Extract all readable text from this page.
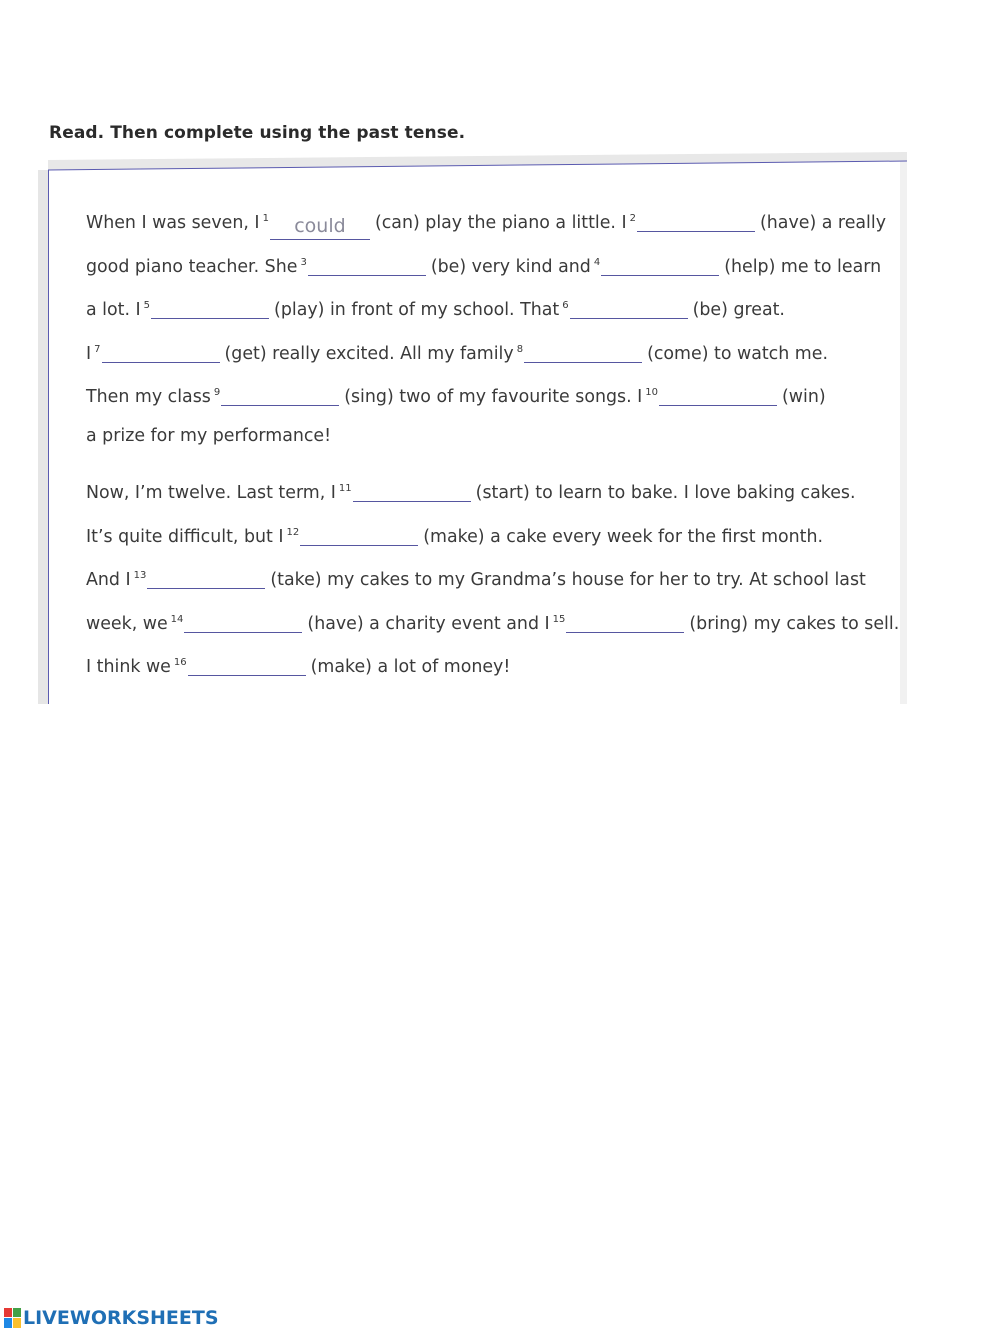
Read. Then complete using the past tense.
When I was seven, I $^1$ could (can) play the piano a little. I $^2$	(have) a really
good piano teacher. She $^3$	(be) very kind and $^4$	(help) me to learn
a lot. I $^5$	(play) in front of my school. That $^6$	(be) great.
I $^7$	(get) really excited. All my family $^8$	(come) to watch me.
Then my class $^9$	(sing) two of my favourite songs. I $^{10}$	(win)
a prize for my performance!
Now, I’m twelve. Last term, I $^{11}$	(start) to learn to bake. I love baking cakes.
It’s quite difficult, but I $^{12}$	(make) a cake every week for the first month.
And I $^{13}$	(take) my cakes to my Grandma’s house for her to try. At school last
week, we $^{14}$	(have) a charity event and I $^{15}$	(bring) my cakes to sell.
I think we $^{16}$	(make) a lot of money!
LIVEWORKSHEETS
